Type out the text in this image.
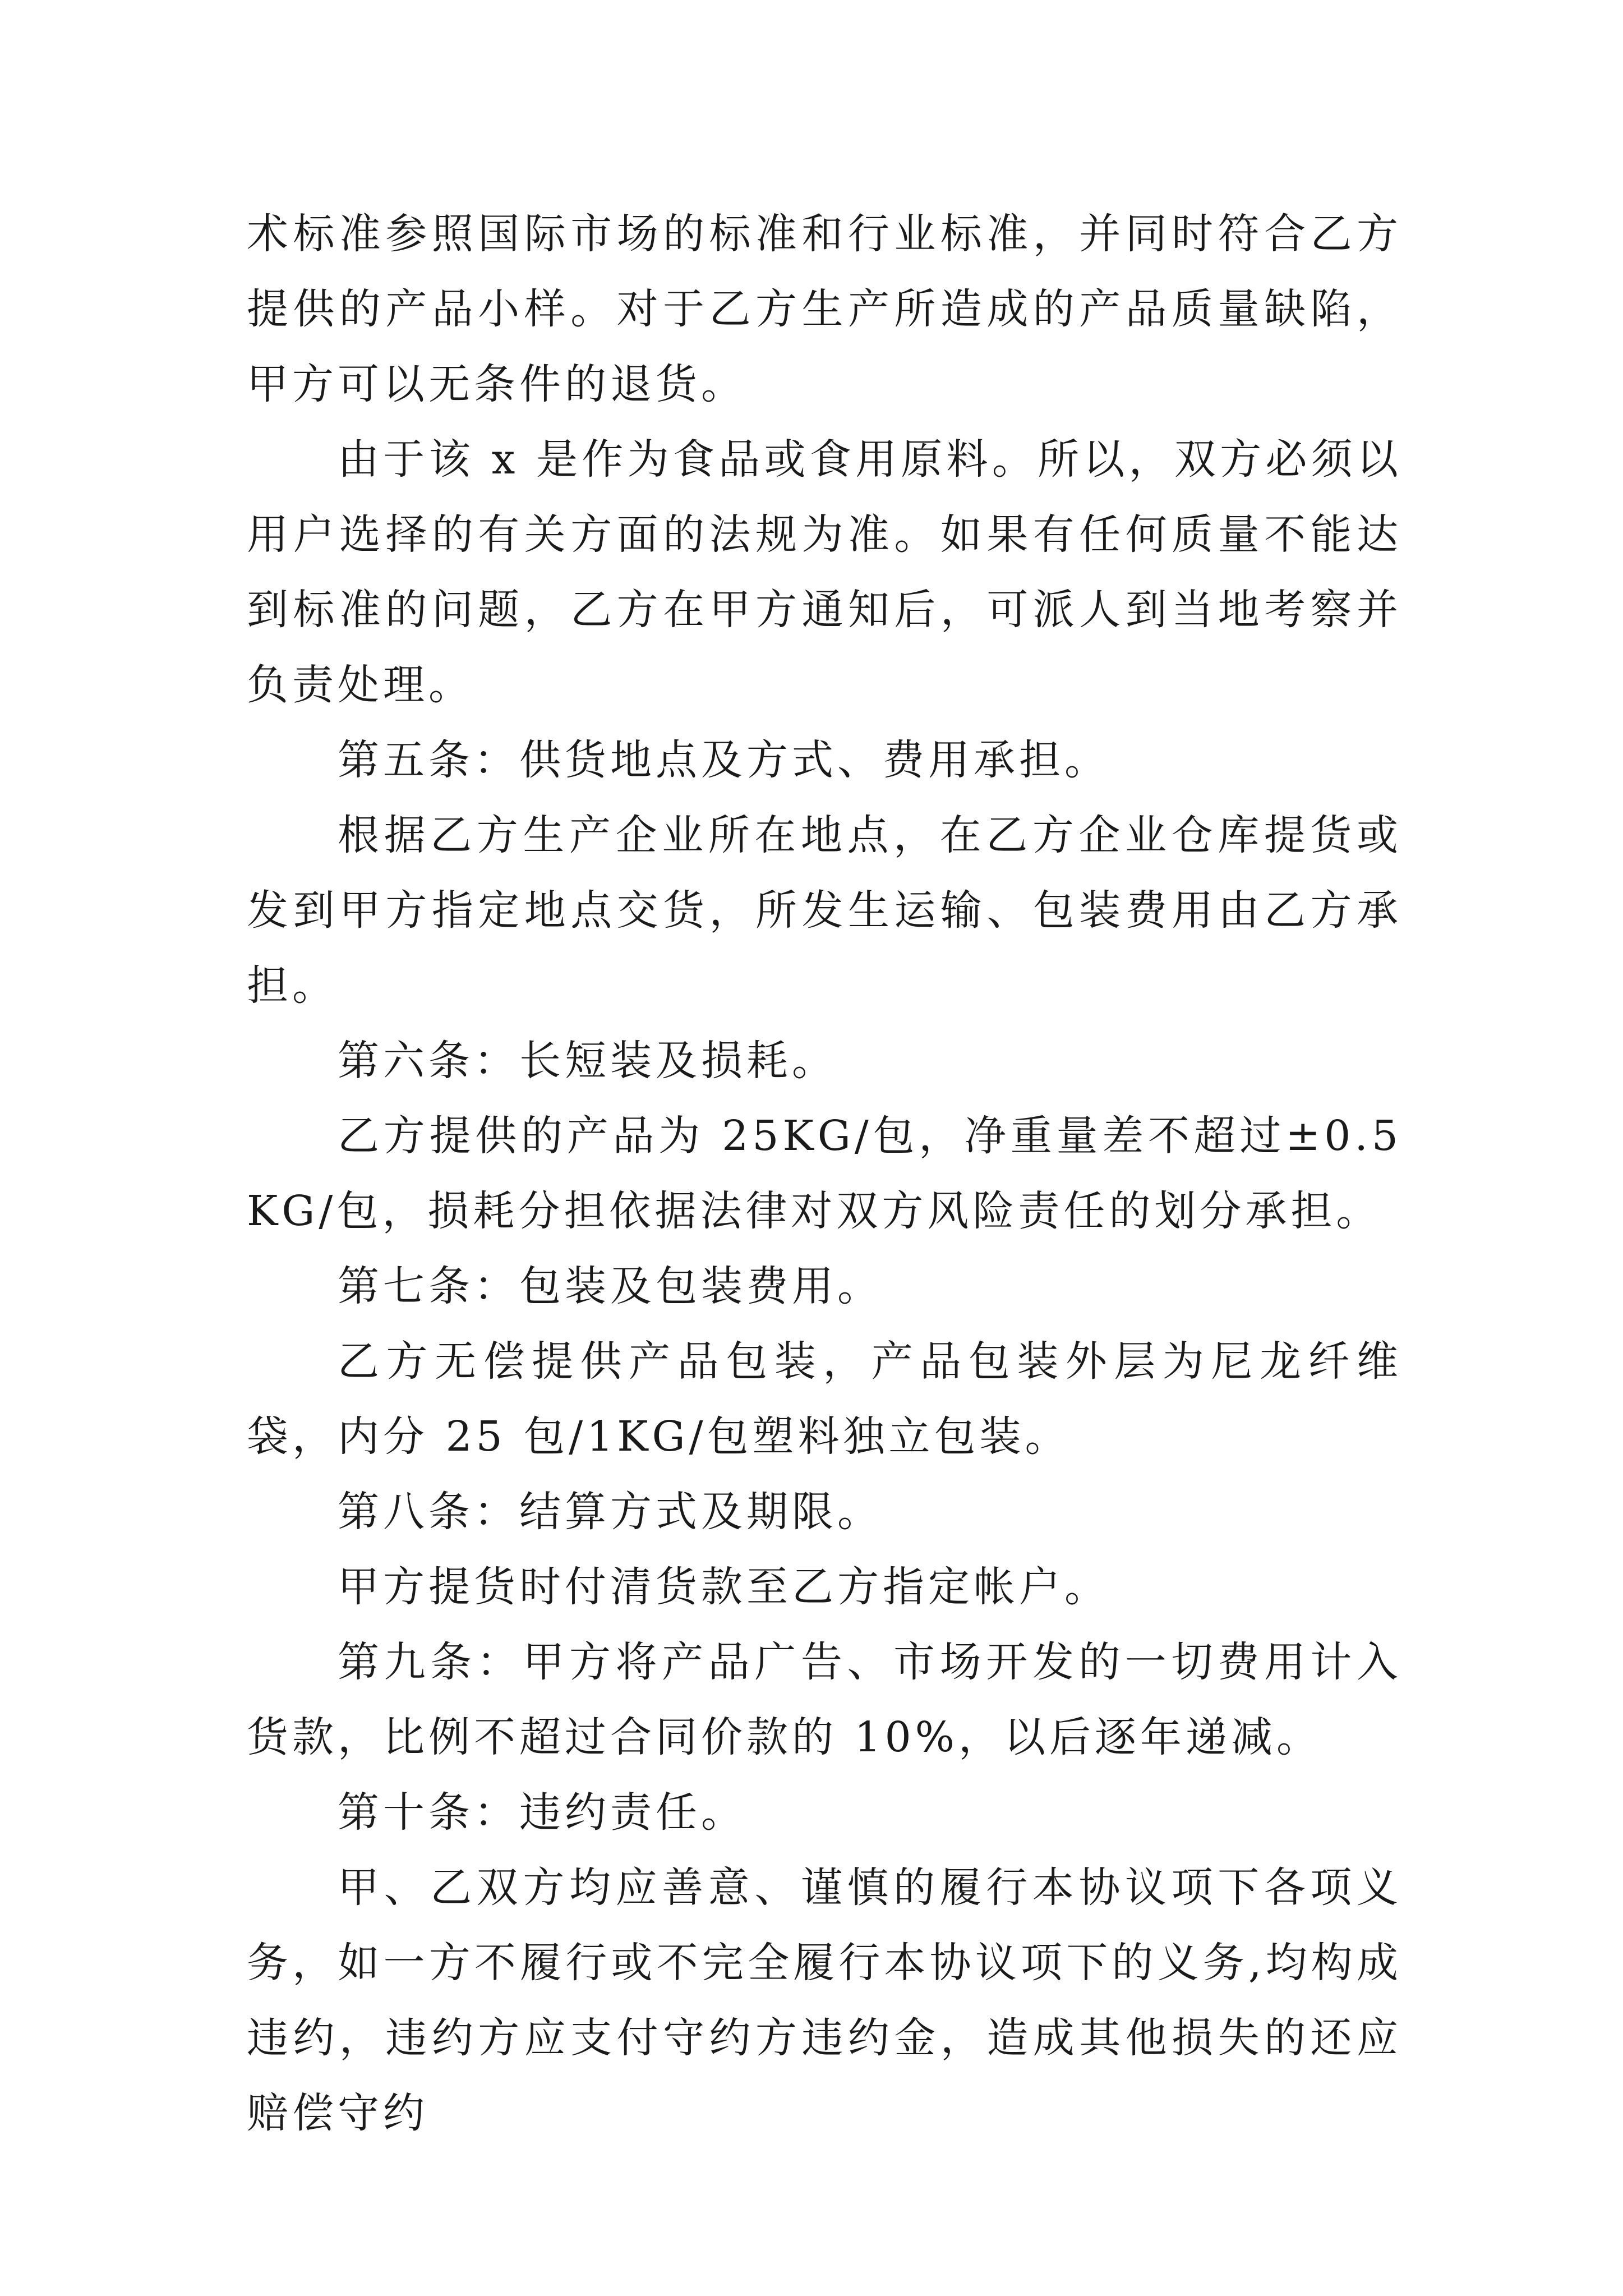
术标准参照国际市场的标准和行业标准，并同时符合乙方提供的产品小样。对于乙方生产所造成的产品质量缺陷，甲方可以无条件的退货。

由于该 x 是作为食品或食用原料。所以，双方必须以用户选择的有关方面的法规为准。如果有任何质量不能达到标准的问题，乙方在甲方通知后，可派人到当地考察并负责处理。

第五条：供货地点及方式、费用承担。

根据乙方生产企业所在地点，在乙方企业仓库提货或发到甲方指定地点交货，所发生运输、包装费用由乙方承担。

第六条：长短装及损耗。

乙方提供的产品为 25KG/包，净重量差不超过±0.5KG/包，损耗分担依据法律对双方风险责任的划分承担。

第七条：包装及包装费用。

乙方无偿提供产品包装，产品包装外层为尼龙纤维袋，内分 25 包/1KG/包塑料独立包装。

第八条：结算方式及期限。

甲方提货时付清货款至乙方指定帐户。

第九条：甲方将产品广告、市场开发的一切费用计入货款，比例不超过合同价款的 10%，以后逐年递减。

第十条：违约责任。

甲、乙双方均应善意、谨慎的履行本协议项下各项义务，如一方不履行或不完全履行本协议项下的义务,均构成违约，违约方应支付守约方违约金，造成其他损失的还应赔偿守约
